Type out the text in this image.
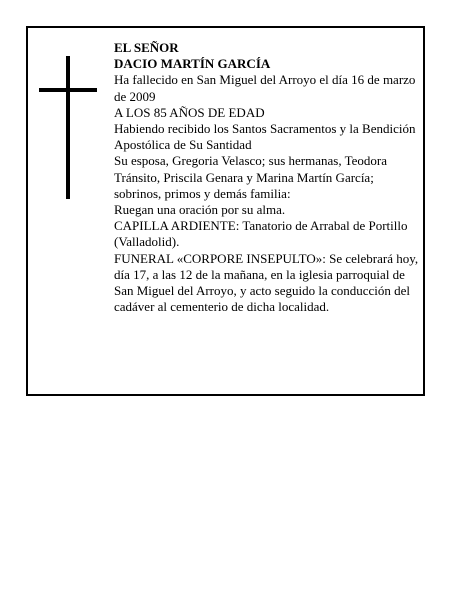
EL SEÑOR

DACIO MARTÍN GARCÍA

Ha fallecido en San Miguel del Arroyo el día 16 de marzo de 2009

A LOS 85 AÑOS DE EDAD

Habiendo recibido los Santos Sacramentos y la Bendición Apostólica de Su Santidad

Su esposa, Gregoria Velasco; sus hermanas, Teodora Tránsito, Priscila Genara y Marina Martín García; sobrinos, primos y demás familia:

Ruegan una oración por su alma.

CAPILLA ARDIENTE: Tanatorio de Arrabal de Portillo (Valladolid).

FUNERAL «CORPORE INSEPULTO»: Se celebrará hoy, día 17, a las 12 de la mañana, en la iglesia parroquial de San Miguel del Arroyo, y acto seguido la conducción del cadáver al cementerio de dicha localidad.
